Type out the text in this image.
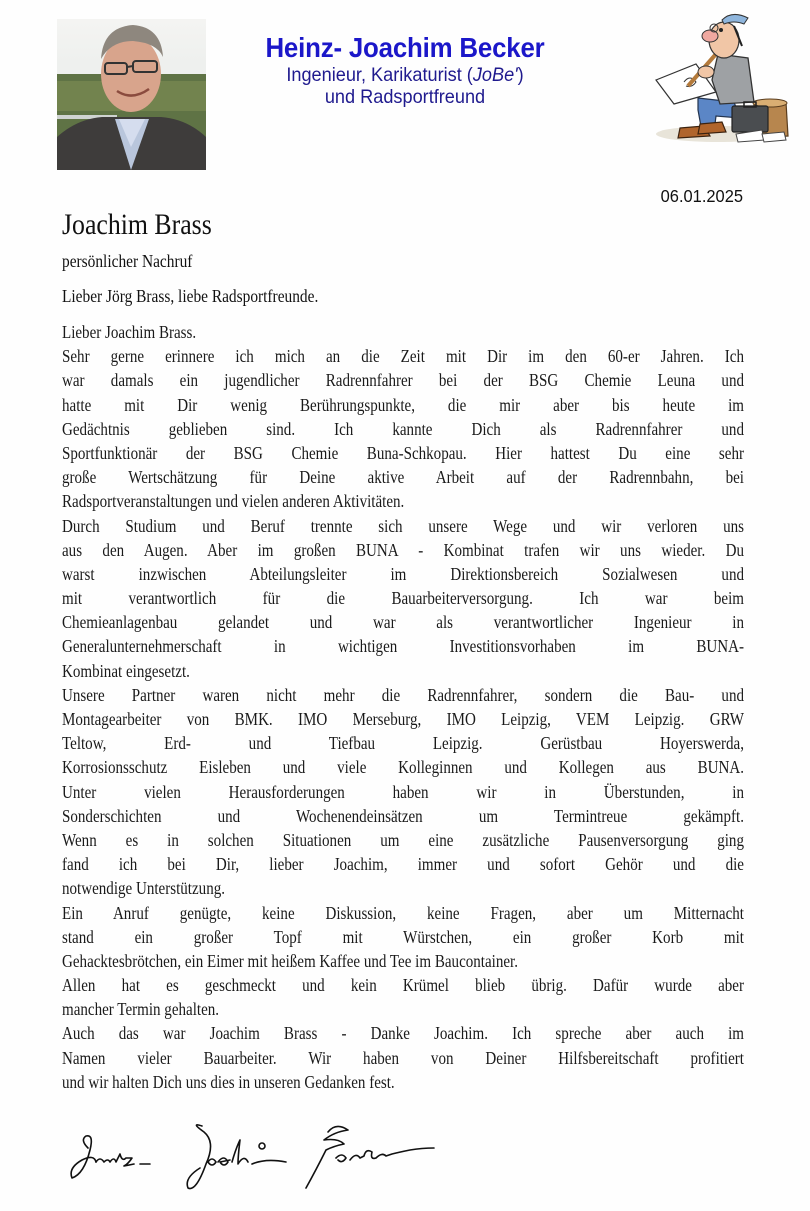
Heinz- Joachim Becker
Ingenieur, Karikaturist (JoBe')
und Radsportfreund
06.01.2025
Joachim Brass
persönlicher Nachruf
Lieber Jörg Brass, liebe Radsportfreunde.
Lieber Joachim Brass.
Sehr gerne erinnere ich mich an die Zeit mit Dir im den 60-er Jahren. Ich
war damals ein jugendlicher Radrennfahrer bei der BSG Chemie Leuna und
hatte mit Dir wenig Berührungspunkte, die mir aber bis heute im
Gedächtnis geblieben sind. Ich kannte Dich als Radrennfahrer und
Sportfunktionär der BSG Chemie Buna-Schkopau. Hier hattest Du eine sehr
große Wertschätzung für Deine aktive Arbeit auf der Radrennbahn, bei
Radsportveranstaltungen und vielen anderen Aktivitäten.
Durch Studium und Beruf trennte sich unsere Wege und wir verloren uns
aus den Augen. Aber im großen BUNA - Kombinat trafen wir uns wieder. Du
warst inzwischen Abteilungsleiter im Direktionsbereich Sozialwesen und
mit verantwortlich für die Bauarbeiterversorgung. Ich war beim
Chemieanlagenbau gelandet und war als verantwortlicher Ingenieur in
Generalunternehmerschaft in wichtigen Investitionsvorhaben im BUNA-
Kombinat eingesetzt.
Unsere Partner waren nicht mehr die Radrennfahrer, sondern die Bau- und
Montagearbeiter von BMK. IMO Merseburg, IMO Leipzig, VEM Leipzig. GRW
Teltow, Erd- und Tiefbau Leipzig. Gerüstbau Hoyerswerda,
Korrosionsschutz Eisleben und viele Kolleginnen und Kollegen aus BUNA.
Unter vielen Herausforderungen haben wir in Überstunden, in
Sonderschichten und Wochenendeinsätzen um Termintreue gekämpft.
Wenn es in solchen Situationen um eine zusätzliche Pausenversorgung ging
fand ich bei Dir, lieber Joachim, immer und sofort Gehör und die
notwendige Unterstützung.
Ein Anruf genügte, keine Diskussion, keine Fragen, aber um Mitternacht
stand ein großer Topf mit Würstchen, ein großer Korb mit
Gehacktesbrötchen, ein Eimer mit heißem Kaffee und Tee im Baucontainer.
Allen hat es geschmeckt und kein Krümel blieb übrig. Dafür wurde aber
mancher Termin gehalten.
Auch das war Joachim Brass - Danke Joachim. Ich spreche aber auch im
Namen vieler Bauarbeiter. Wir haben von Deiner Hilfsbereitschaft profitiert
und wir halten Dich uns dies in unseren Gedanken fest.
